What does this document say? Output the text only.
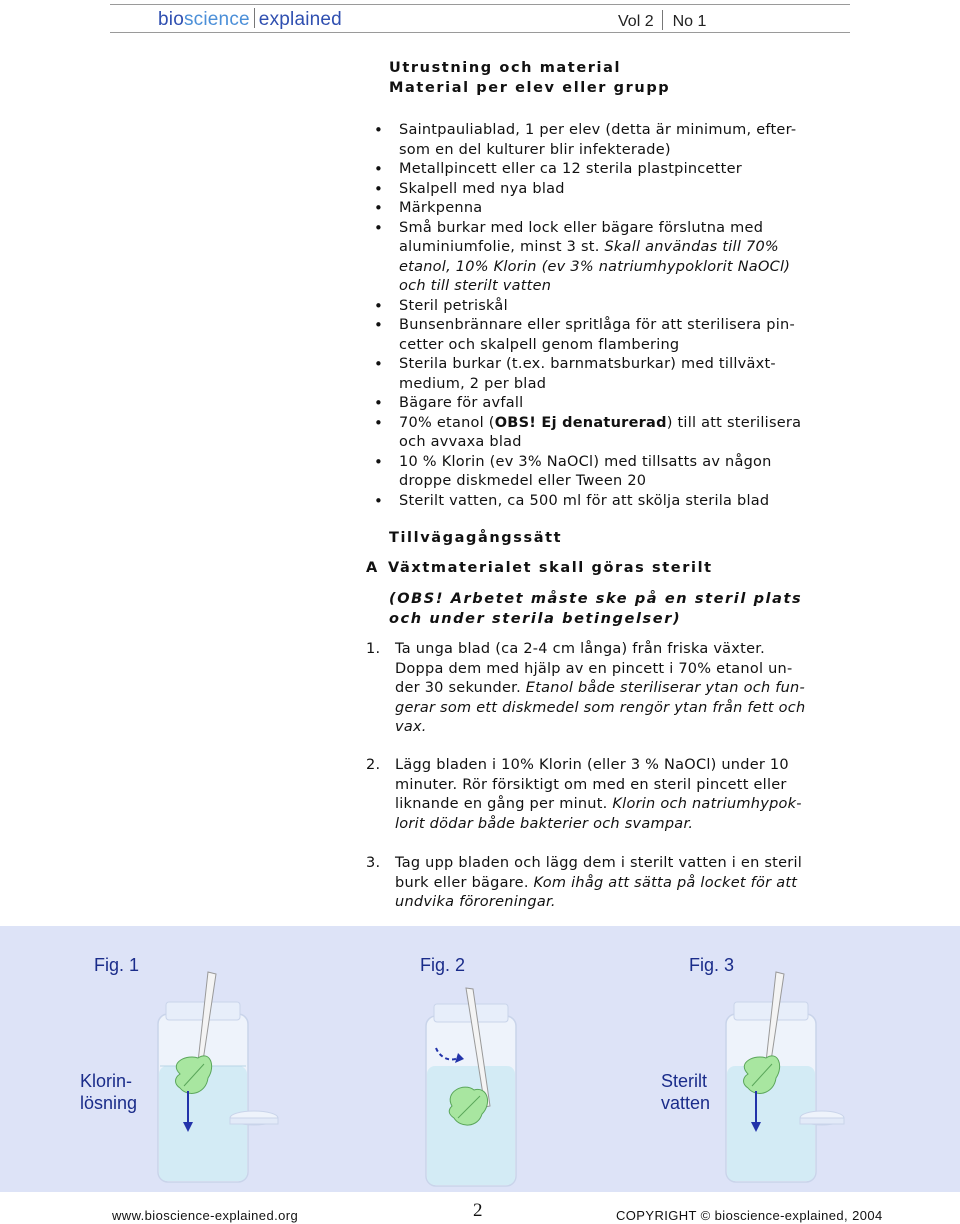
bioscience explained	Vol 2 No 1
Utrustning och material
Material per elev eller grupp
• Saintpauliablad, 1 per elev (detta är minimum, efter-
som en del kulturer blir infekterade)
• Metallpincett eller ca 12 sterila plastpincetter
• Skalpell med nya blad
• Märkpenna
• Små burkar med lock eller bägare förslutna med
aluminiumfolie, minst 3 st. Skall användas till 70%
etanol, 10% Klorin (ev 3% natriumhypoklorit NaOCl)
och till sterilt vatten
• Steril petriskål
• Bunsenbrännare eller spritlåga för att sterilisera pin-
cetter och skalpell genom flambering
• Sterila burkar (t.ex. barnmatsburkar) med tillväxt-
medium, 2 per blad
• Bägare för avfall
• 70% etanol (OBS! Ej denaturerad) till att sterilisera
och avvaxa blad
• 10 % Klorin (ev 3% NaOCl) med tillsatts av någon
droppe diskmedel eller Tween 20
• Sterilt vatten, ca 500 ml för att skölja sterila blad
Tillvägagångssätt
A Växtmaterialet skall göras sterilt
(OBS! Arbetet måste ske på en steril plats
och under sterila betingelser)
1. Ta unga blad (ca 2-4 cm långa) från friska växter.
Doppa dem med hjälp av en pincett i 70% etanol un-
der 30 sekunder. Etanol både steriliserar ytan och fun-
gerar som ett diskmedel som rengör ytan från fett och
vax.
2. Lägg bladen i 10% Klorin (eller 3 % NaOCl) under 10
minuter. Rör försiktigt om med en steril pincett eller
liknande en gång per minut. Klorin och natriumhypok-
lorit dödar både bakterier och svampar.
3. Tag upp bladen och lägg dem i sterilt vatten i en steril
burk eller bägare. Kom ihåg att sätta på locket för att
undvika föroreningar.
Fig. 1	Fig. 2	Fig. 3
Klorin-
lösning
Sterilt
vatten
www.bioscience-explained.org	2	COPYRIGHT © bioscience-explained, 2004
